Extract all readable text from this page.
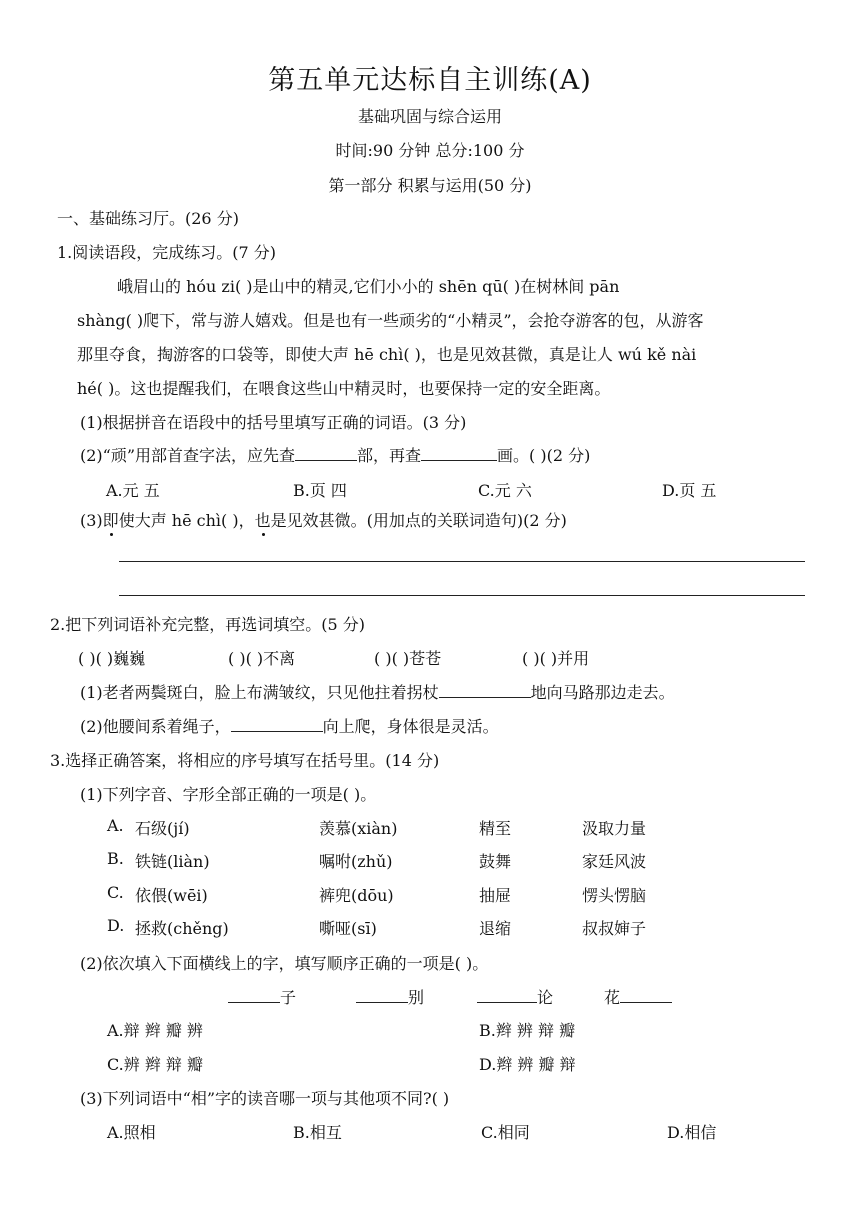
第五单元达标自主训练(A)
基础巩固与综合运用
时间:90 分钟 总分:100 分
第一部分 积累与运用(50 分)
一、基础练习厅。(26 分)
1.阅读语段，完成练习。(7 分)
峨眉山的 hóu zi( )是山中的精灵,它们小小的 shēn qū( )在树林间 pān
shàng( )爬下，常与游人嬉戏。但是也有一些顽劣的“小精灵”，会抢夺游客的包，从游客
那里夺食，掏游客的口袋等，即使大声 hē chì( )，也是见效甚微，真是让人 wú kě nài
hé( )。这也提醒我们，在喂食这些山中精灵时，也要保持一定的安全距离。
(1)根据拼音在语段中的括号里填写正确的词语。(3 分)
(2)“顽”用部首查字法，应先查	部，再查	画。( )(2 分)
A.元 五	B.页 四	C.元 六	D.页 五
(3)即使大声 hē chì( )，也是见效甚微。(用加点的关联词造句)(2 分)
2.把下列词语补充完整，再选词填空。(5 分)
( )( )巍巍	( )( )不离	( )( )苍苍	( )( )并用
(1)老者两鬓斑白，脸上布满皱纹，只见他拄着拐杖	地向马路那边走去。
(2)他腰间系着绳子，	向上爬，身体很是灵活。
3.选择正确答案，将相应的序号填写在括号里。(14 分)
(1)下列字音、字形全部正确的一项是( )。
A. 石级(jí)	羡慕(xiàn)	精至	汲取力量
B. 铁链(liàn)	嘱咐(zhǔ)	鼓舞	家廷风波
C. 依偎(wēi)	裤兜(dōu)	抽屉	愣头愣脑
D. 拯救(chěng)	嘶哑(sī)	退缩	叔叔婶子
(2)依次填入下面横线上的字，填写顺序正确的一项是( )。
子	别	论	花
A.辩 辫 瓣 辨	B.辫 辨 辩 瓣
C.辨 辫 辩 瓣	D.辫 辨 瓣 辩
(3)下列词语中“相”字的读音哪一项与其他项不同?( )
A.照相	B.相互	C.相同	D.相信
